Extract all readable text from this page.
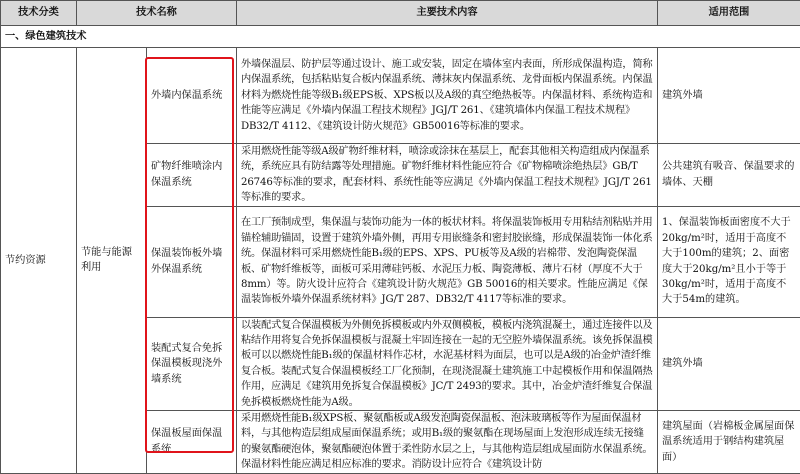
技术分类	技术名称		主要技术内容	适用范围
一、绿色建筑技术				
节约资源	节能与能源利用	外墙内保温系统	外墙保温层、防护层等通过设计、施工或安装，固定在墙体室内表面，所形成保温构造，简称内保温系统，包括粘贴复合板内保温系统、薄抹灰内保温系统、龙骨面板内保温系统。内保温材料为燃烧性能等级B₁级EPS板、XPS板以及A级的真空绝热板等。内保温材料、系统构造和性能等应满足《外墙内保温工程技术规程》JGJ/T 261、《建筑墙体内保温工程技术规程》DB32/T 4112、《建筑设计防火规范》GB50016等标准的要求。	建筑外墙
		矿物纤维喷涂内保温系统	采用燃烧性能等级A级矿物纤维材料，喷涂或涂抹在基层上，配套其他相关构造组成内保温系统，系统应具有防结露等处理措施。矿物纤维材料性能应符合《矿物棉喷涂绝热层》GB/T 26746等标准的要求，配套材料、系统性能等应满足《外墙内保温工程技术规程》JGJ/T 261等标准的要求。	公共建筑有吸音、保温要求的墙体、天棚
		保温装饰板外墙外保温系统	在工厂预制成型，集保温与装饰功能为一体的板状材料。将保温装饰板用专用粘结剂粘贴并用锚栓辅助锚固，设置于建筑外墙外侧，再用专用嵌缝条和密封胶嵌缝，形成保温装饰一体化系统。保温材料可采用燃烧性能B₁级的EPS、XPS、PU板等及A级的岩棉带、发泡陶瓷保温板、矿物纤维板等，面板可采用薄硅钙板、水泥压力板、陶瓷薄板、薄片石材（厚度不大于8mm）等。防火设计应符合《建筑设计防火规范》GB 50016的相关要求。性能应满足《保温装饰板外墙外保温系统材料》JG/T 287、DB32/T 4117等标准的要求。	1、保温装饰板面密度不大于20kg/m²时，适用于高度不大于100m的建筑；2、面密度大于20kg/m²且小于等于30kg/m²时，适用于高度不大于54m的建筑。
		装配式复合免拆保温模板现浇外墙系统	以装配式复合保温模板为外侧免拆模板或内外双侧模板，模板内浇筑混凝土，通过连接件以及粘结作用将复合免拆保温模板与混凝土牢固连接在一起的无空腔外墙保温系统。该免拆保温模板可以以燃烧性能B₁级的保温材料作芯材，水泥基材料为面层，也可以是A级的冶金炉渣纤维复合板。装配式复合保温模板经工厂化预制，在现浇混凝土建筑施工中起模板作用和保温隔热作用，应满足《建筑用免拆复合保温模板》JC/T 2493的要求。其中，冶金炉渣纤维复合保温免拆模板燃烧性能为A级。	建筑外墙
		保温板屋面保温系统	采用燃烧性能B₁级XPS板、聚氨酯板或A级发泡陶瓷保温板、泡沫玻璃板等作为屋面保温材料，与其他构造层组成屋面保温系统；或用B₁级的聚氨酯在现场屋面上发泡形成连续无接缝的聚氨酯硬泡体，聚氨酯硬泡体置于柔性防水层之上，与其他构造层组成屋面防水保温系统。保温材料性能应满足相应标准的要求。消防设计应符合《建筑设计防	建筑屋面（岩棉板金属屋面保温系统适用于钢结构建筑屋面）
